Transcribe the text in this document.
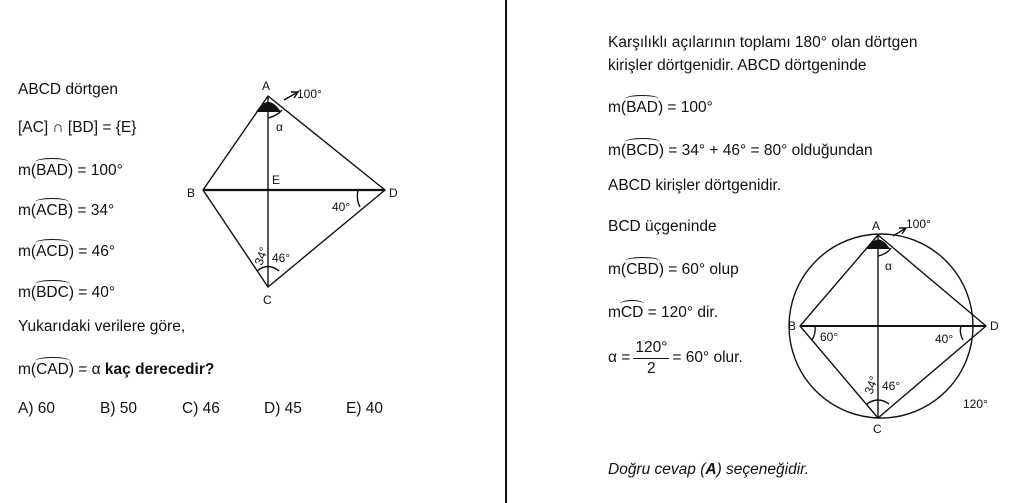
ABCD dörtgen
[AC] ∩ [BD] = {E}
m(BAD) = 100°
m(ACB) = 34°
m(ACD) = 46°
m(BDC) = 40°
Yukarıdaki verilere göre,
m(CAD) = α kaç derecedir?
A) 60	B) 50	C) 46	D) 45	E) 40
A
B
C
D
E
100°
α
40°
46°
34°
Karşılıklı açılarının toplamı 180° olan dörtgen
kirişler dörtgenidir. ABCD dörtgeninde
m(BAD) = 100°
m(BCD) = 34° + 46° = 80° olduğundan
ABCD kirişler dörtgenidir.
BCD üçgeninde
m(CBD) = 60° olup
mCD = 120° dir.
$\alpha = \frac{120^\circ}{2} = 60^\circ$ olur.
Doğru cevap (A) seçeneğidir.
A
B
C
D
100°
α
60°	40°
46°
34°
120°
